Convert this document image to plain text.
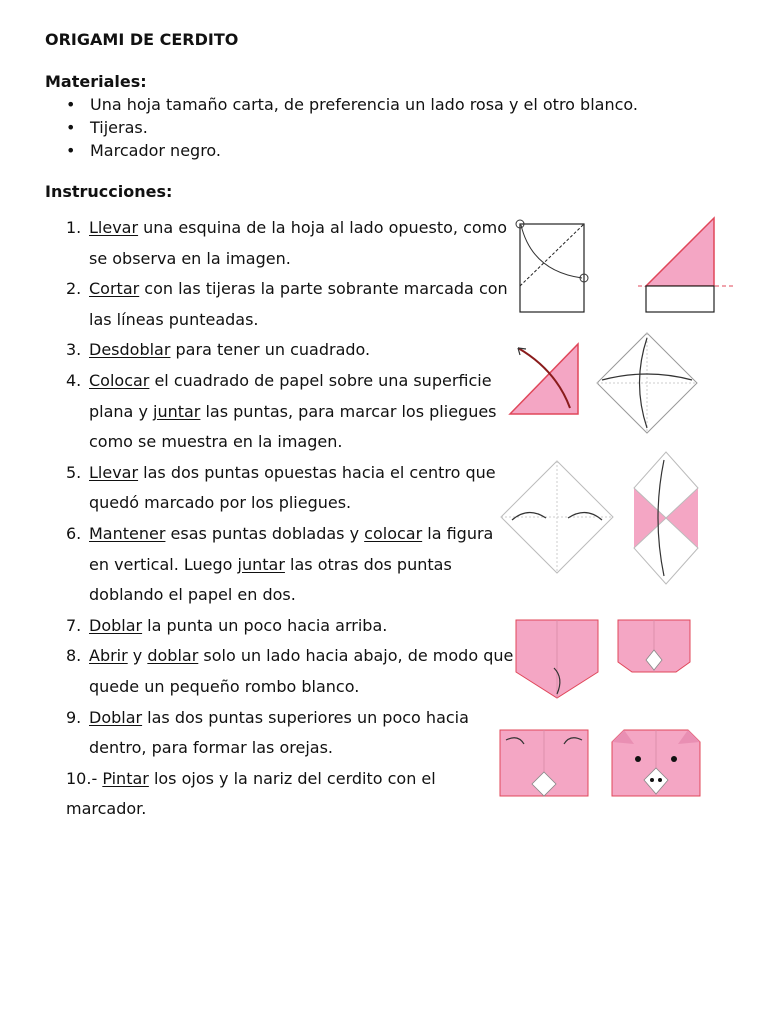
ORIGAMI DE CERDITO
Materiales:
• Una hoja tamaño carta, de preferencia un lado rosa y el otro blanco.
• Tijeras.
• Marcador negro.
Instrucciones:
1. Llevar una esquina de la hoja al lado opuesto, como se observa en la imagen.
2. Cortar con las tijeras la parte sobrante marcada con las líneas punteadas.
3. Desdoblar para tener un cuadrado.
4. Colocar el cuadrado de papel sobre una superficie plana y juntar las puntas, para marcar los pliegues como se muestra en la imagen.
5. Llevar las dos puntas opuestas hacia el centro que quedó marcado por los pliegues.
6. Mantener esas puntas dobladas y colocar la figura en vertical. Luego juntar las otras dos puntas doblando el papel en dos.
7. Doblar la punta un poco hacia arriba.
8. Abrir y doblar solo un lado hacia abajo, de modo que quede un pequeño rombo blanco.
9. Doblar las dos puntas superiores un poco hacia dentro, para formar las orejas.
10.- Pintar los ojos y la nariz del cerdito con el marcador.
